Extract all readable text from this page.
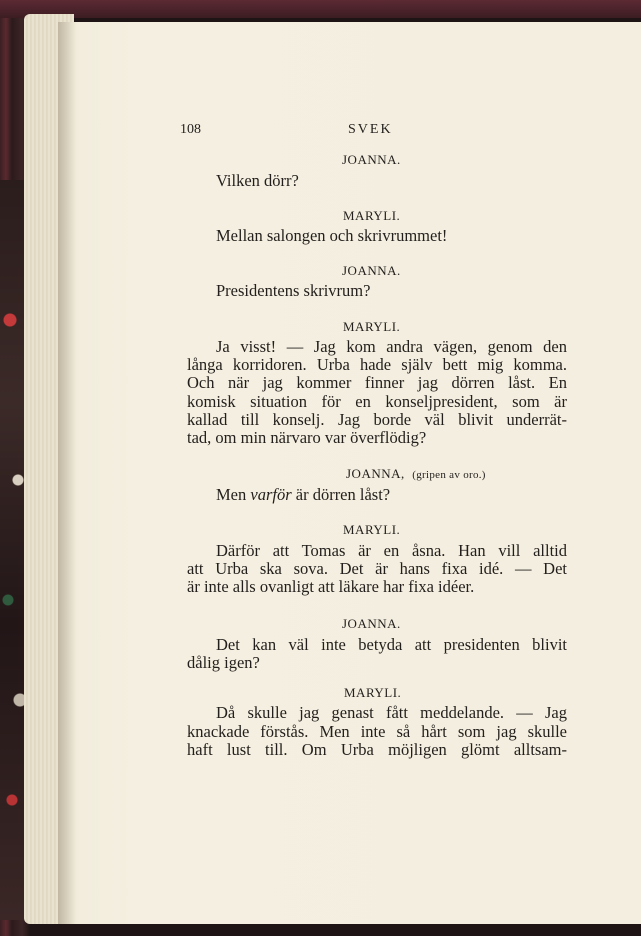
108	SVEK
JOANNA.
Vilken dörr?
MARYLI.
Mellan salongen och skrivrummet!
JOANNA.
Presidentens skrivrum?
MARYLI.
Ja visst! — Jag kom andra vägen, genom den
långa korridoren. Urba hade själv bett mig komma.
Och när jag kommer finner jag dörren låst. En
komisk situation för en konseljpresident, som är
kallad till konselj. Jag borde väl blivit underrät-
tad, om min närvaro var överflödig?
JOANNA, (gripen av oro.)
Men varför är dörren låst?
MARYLI.
Därför att Tomas är en åsna. Han vill alltid
att Urba ska sova. Det är hans fixa idé. — Det
är inte alls ovanligt att läkare har fixa idéer.
JOANNA.
Det kan väl inte betyda att presidenten blivit
dålig igen?
MARYLI.
Då skulle jag genast fått meddelande. — Jag
knackade förstås. Men inte så hårt som jag skulle
haft lust till. Om Urba möjligen glömt alltsam-
